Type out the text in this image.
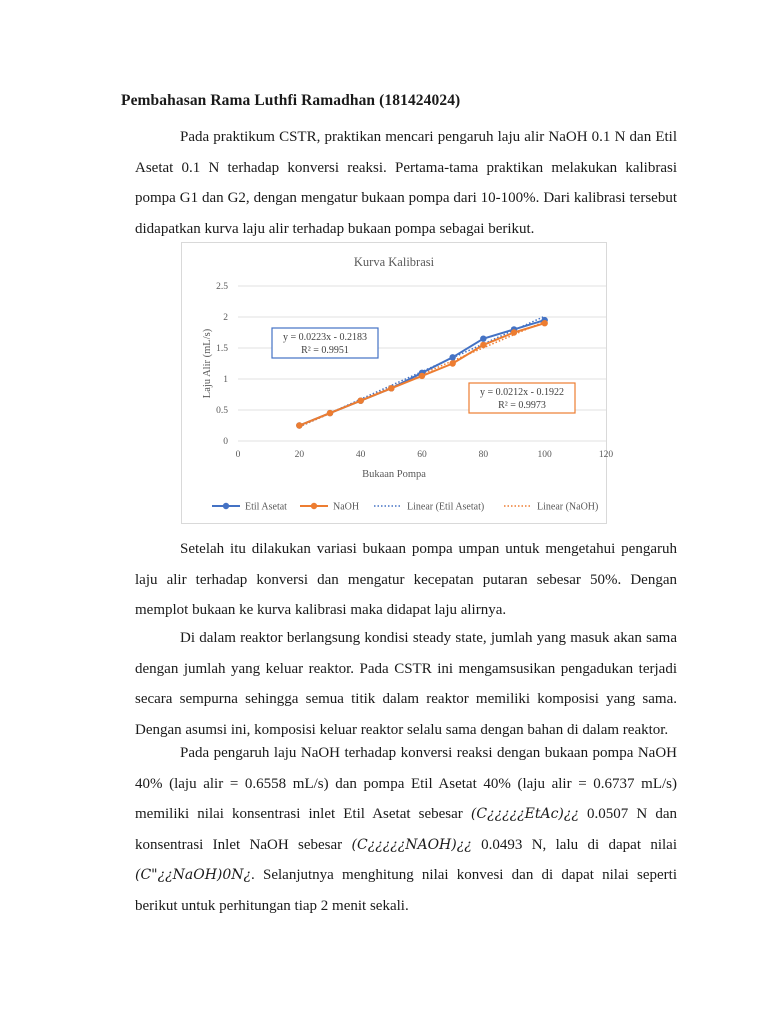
Pembahasan Rama Luthfi Ramadhan (181424024)

Pada praktikum CSTR, praktikan mencari pengaruh laju alir NaOH 0.1 N dan Etil Asetat 0.1 N terhadap konversi reaksi. Pertama-tama praktikan melakukan kalibrasi pompa G1 dan G2, dengan mengatur bukaan pompa dari 10-100%. Dari kalibrasi tersebut didapatkan kurva laju alir terhadap bukaan pompa sebagai berikut.

Kurva Kalibrasi
0
0.5
1
1.5
2
2.5
0	20	40	60	80	100	120
Bukaan Pompa
Laju Alir (mL/s)	y = 0.0223x - 0.2183
R² = 0.9951
y = 0.0212x - 0.1922
R² = 0.9973
Etil Asetat	NaOH	Linear (Etil Asetat)	Linear (NaOH)

Setelah itu dilakukan variasi bukaan pompa umpan untuk mengetahui pengaruh laju alir terhadap konversi dan mengatur kecepatan putaran sebesar 50%. Dengan memplot bukaan ke kurva kalibrasi maka didapat laju alirnya.

Di dalam reaktor berlangsung kondisi steady state, jumlah yang masuk akan sama dengan jumlah yang keluar reaktor. Pada CSTR ini mengamsusikan pengadukan terjadi secara sempurna sehingga semua titik dalam reaktor memiliki komposisi yang sama. Dengan asumsi ini, komposisi keluar reaktor selalu sama dengan bahan di dalam reaktor.

Pada pengaruh laju NaOH terhadap konversi reaksi dengan bukaan pompa NaOH 40% (laju alir = 0.6558 mL/s) dan pompa Etil Asetat 40% (laju alir = 0.6737 mL/s) memiliki nilai konsentrasi inlet Etil Asetat sebesar (C¿¿¿¿¿EtAc)¿¿ 0.0507 N dan konsentrasi Inlet NaOH sebesar (C¿¿¿¿¿NAOH)¿¿ 0.0493 N, lalu di dapat nilai (C"¿¿NaOH)0N¿. Selanjutnya menghitung nilai konvesi dan di dapat nilai seperti berikut untuk perhitungan tiap 2 menit sekali.
